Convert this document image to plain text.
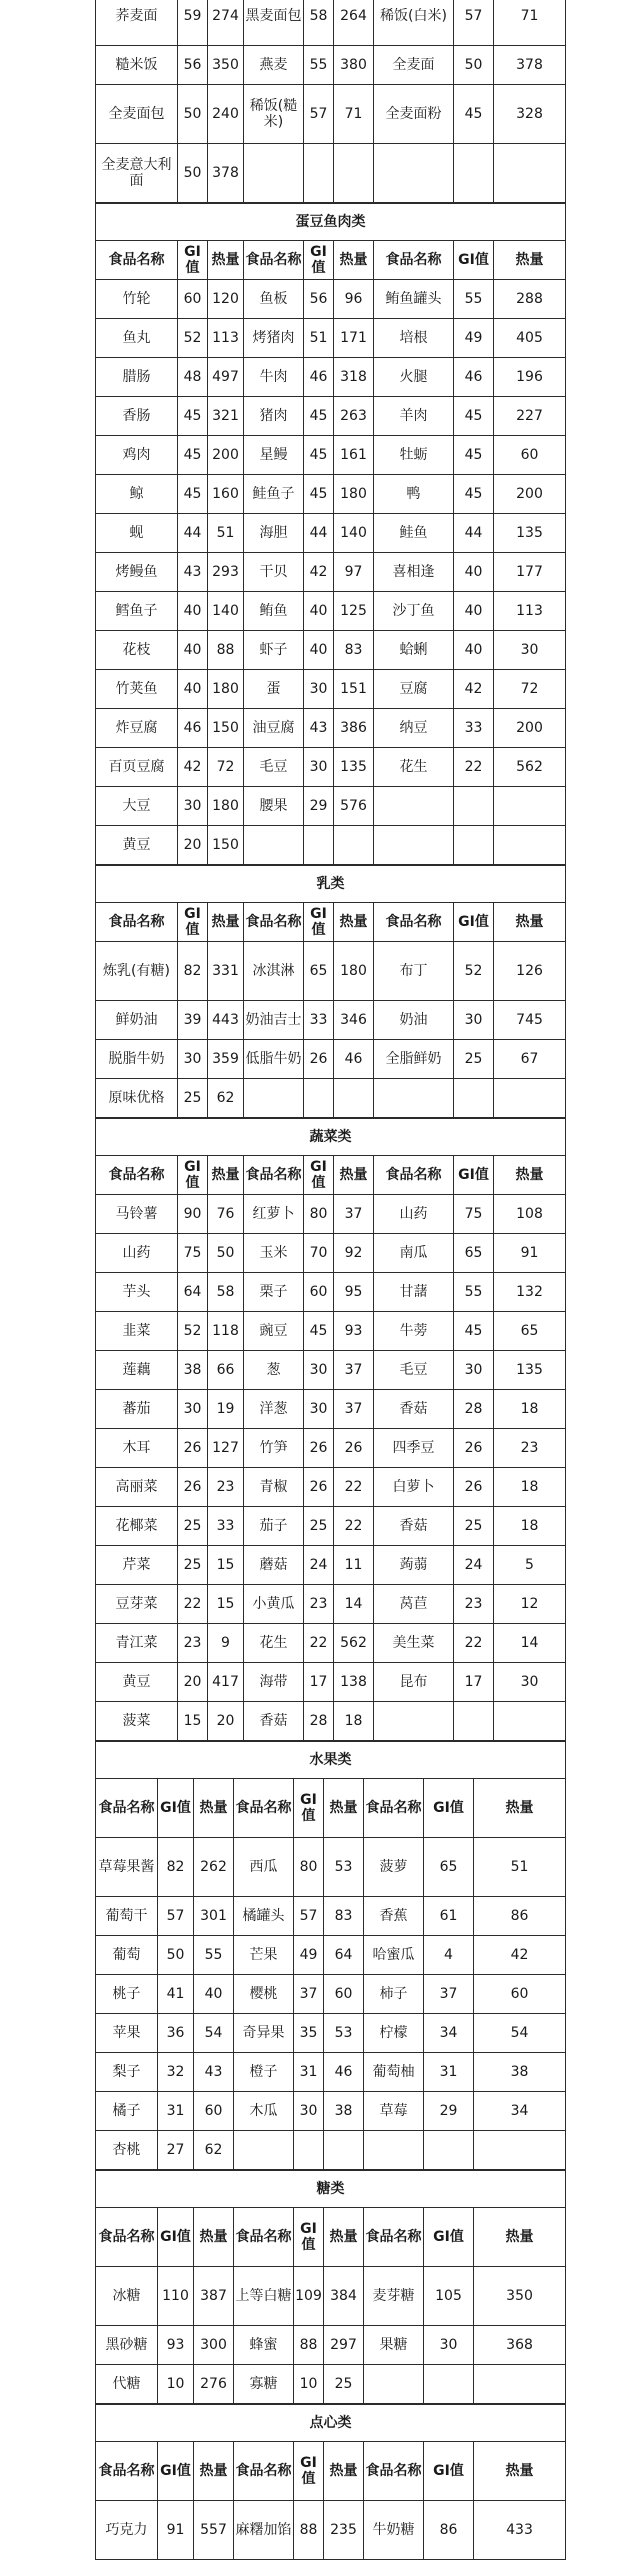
荞麦面	59	274	黑麦面包	58	264	稀饭(白米)	57	71
糙米饭	56	350	燕麦	55	380	全麦面	50	378
全麦面包	50	240	稀饭(糙米)	57	71	全麦面粉	45	328
全麦意大利面	50	378						
蛋豆鱼肉类								
食品名称	GI值	热量	食品名称	GI值	热量	食品名称	GI值	热量
竹轮	60	120	鱼板	56	96	鲔鱼罐头	55	288
鱼丸	52	113	烤猪肉	51	171	培根	49	405
腊肠	48	497	牛肉	46	318	火腿	46	196
香肠	45	321	猪肉	45	263	羊肉	45	227
鸡肉	45	200	星鳗	45	161	牡蛎	45	60
鲸	45	160	鲑鱼子	45	180	鸭	45	200
蚬	44	51	海胆	44	140	鲑鱼	44	135
烤鳗鱼	43	293	干贝	42	97	喜相逢	40	177
鳕鱼子	40	140	鲔鱼	40	125	沙丁鱼	40	113
花枝	40	88	虾子	40	83	蛤蜊	40	30
竹荚鱼	40	180	蛋	30	151	豆腐	42	72
炸豆腐	46	150	油豆腐	43	386	纳豆	33	200
百页豆腐	42	72	毛豆	30	135	花生	22	562
大豆	30	180	腰果	29	576			
黄豆	20	150						
乳类								
食品名称	GI值	热量	食品名称	GI值	热量	食品名称	GI值	热量
炼乳(有糖)	82	331	冰淇淋	65	180	布丁	52	126
鲜奶油	39	443	奶油吉士	33	346	奶油	30	745
脱脂牛奶	30	359	低脂牛奶	26	46	全脂鲜奶	25	67
原味优格	25	62						
蔬菜类								
食品名称	GI值	热量	食品名称	GI值	热量	食品名称	GI值	热量
马铃薯	90	76	红萝卜	80	37	山药	75	108
山药	75	50	玉米	70	92	南瓜	65	91
芋头	64	58	栗子	60	95	甘藷	55	132
韭菜	52	118	豌豆	45	93	牛蒡	45	65
莲藕	38	66	葱	30	37	毛豆	30	135
蕃茄	30	19	洋葱	30	37	香菇	28	18
木耳	26	127	竹笋	26	26	四季豆	26	23
高丽菜	26	23	青椒	26	22	白萝卜	26	18
花椰菜	25	33	茄子	25	22	香菇	25	18
芹菜	25	15	蘑菇	24	11	蒟蒻	24	5
豆芽菜	22	15	小黄瓜	23	14	莴苣	23	12
青江菜	23	9	花生	22	562	美生菜	22	14
黄豆	20	417	海带	17	138	昆布	17	30
菠菜	15	20	香菇	28	18			
水果类								
食品名称	GI值	热量	食品名称	GI值	热量	食品名称	GI值	热量
草莓果酱	82	262	西瓜	80	53	菠萝	65	51
葡萄干	57	301	橘罐头	57	83	香蕉	61	86
葡萄	50	55	芒果	49	64	哈蜜瓜	4	42
桃子	41	40	樱桃	37	60	柿子	37	60
苹果	36	54	奇异果	35	53	柠檬	34	54
梨子	32	43	橙子	31	46	葡萄柚	31	38
橘子	31	60	木瓜	30	38	草莓	29	34
杏桃	27	62						
糖类								
食品名称	GI值	热量	食品名称	GI值	热量	食品名称	GI值	热量
冰糖	110	387	上等白糖	109	384	麦芽糖	105	350
黑砂糖	93	300	蜂蜜	88	297	果糖	30	368
代糖	10	276	寡糖	10	25			
点心类								
食品名称	GI值	热量	食品名称	GI值	热量	食品名称	GI值	热量
巧克力	91	557	麻糬加馅	88	235	牛奶糖	86	433
